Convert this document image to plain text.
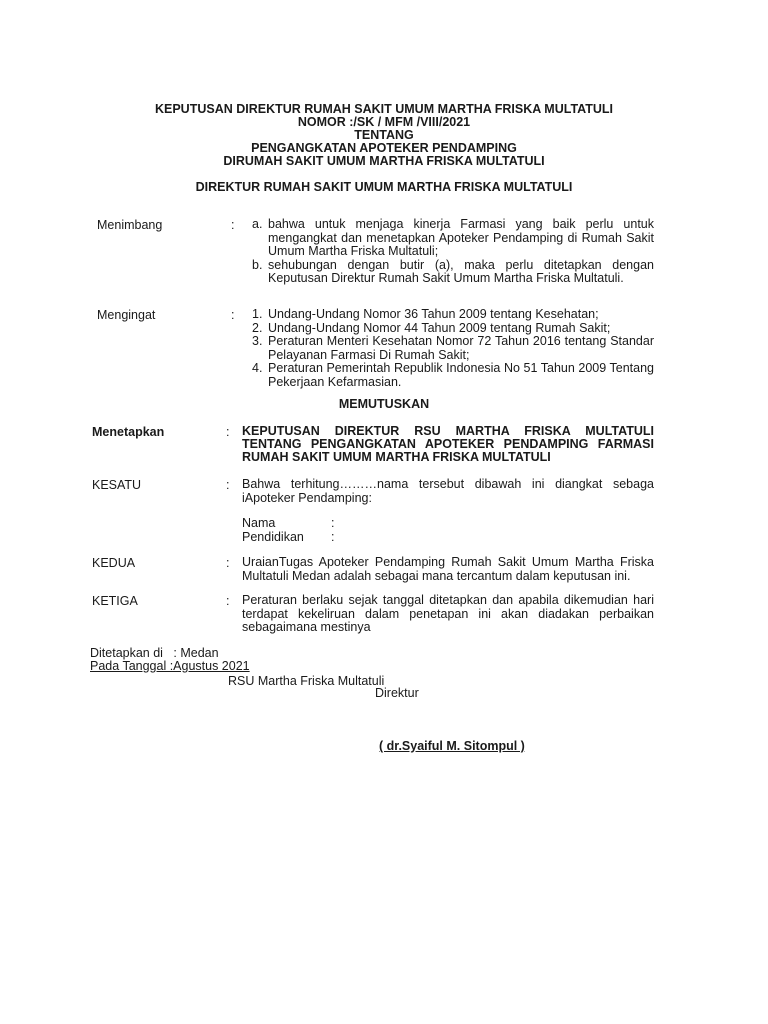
KEPUTUSAN DIREKTUR RUMAH SAKIT UMUM MARTHA FRISKA MULTATULI
NOMOR :/SK / MFM /VIII/2021
TENTANG
PENGANGKATAN APOTEKER PENDAMPING
DIRUMAH SAKIT UMUM MARTHA FRISKA MULTATULI
DIREKTUR RUMAH SAKIT UMUM MARTHA FRISKA MULTATULI
Menimbang	: a. bahwa untuk menjaga kinerja Farmasi yang baik perlu untuk mengangkat dan menetapkan Apoteker Pendamping di Rumah Sakit Umum Martha Friska Multatuli;
b. sehubungan dengan butir (a), maka perlu ditetapkan dengan Keputusan Direktur Rumah Sakit Umum Martha Friska Multatuli.
Mengingat	: 1. Undang-Undang Nomor 36 Tahun 2009 tentang Kesehatan;
2. Undang-Undang Nomor 44 Tahun 2009 tentang Rumah Sakit;
3. Peraturan Menteri Kesehatan Nomor 72 Tahun 2016 tentang Standar Pelayanan Farmasi Di Rumah Sakit;
4. Peraturan Pemerintah Republik Indonesia No 51 Tahun 2009 Tentang Pekerjaan Kefarmasian.
MEMUTUSKAN
Menetapkan	: KEPUTUSAN DIREKTUR RSU MARTHA FRISKA MULTATULI TENTANG PENGANGKATAN APOTEKER PENDAMPING FARMASI RUMAH SAKIT UMUM MARTHA FRISKA MULTATULI
KESATU	: Bahwa terhitung………nama tersebut dibawah ini diangkat sebaga iApoteker Pendamping:
Nama	:
Pendidikan :
KEDUA	: UraianTugas Apoteker Pendamping Rumah Sakit Umum Martha Friska Multatuli Medan adalah sebagai mana tercantum dalam keputusan ini.
KETIGA	: Peraturan berlaku sejak tanggal ditetapkan dan apabila dikemudian hari terdapat kekeliruan dalam penetapan ini akan diadakan perbaikan sebagaimana mestinya
Ditetapkan di   : Medan
Pada Tanggal :Agustus 2021
RSU Martha Friska Multatuli
Direktur
( dr.Syaiful M. Sitompul )
